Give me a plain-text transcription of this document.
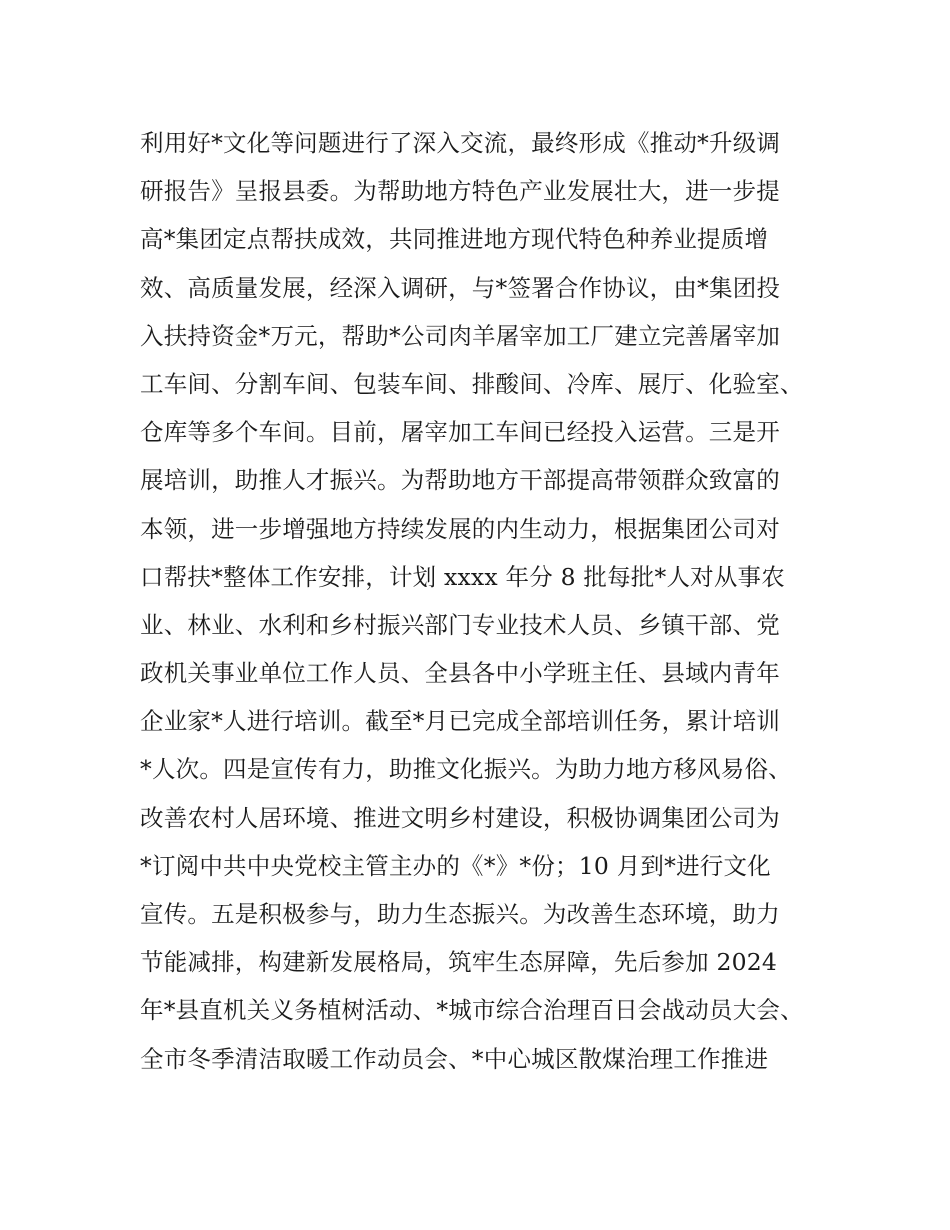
利用好*文化等问题进行了深入交流，最终形成《推动*升级调
研报告》呈报县委。为帮助地方特色产业发展壮大，进一步提
高*集团定点帮扶成效，共同推进地方现代特色种养业提质增
效、高质量发展，经深入调研，与*签署合作协议，由*集团投
入扶持资金*万元，帮助*公司肉羊屠宰加工厂建立完善屠宰加
工车间、分割车间、包装车间、排酸间、冷库、展厅、化验室、
仓库等多个车间。目前，屠宰加工车间已经投入运营。三是开
展培训，助推人才振兴。为帮助地方干部提高带领群众致富的
本领，进一步增强地方持续发展的内生动力，根据集团公司对
口帮扶*整体工作安排，计划 xxxx 年分 8 批每批*人对从事农
业、林业、水利和乡村振兴部门专业技术人员、乡镇干部、党
政机关事业单位工作人员、全县各中小学班主任、县域内青年
企业家*人进行培训。截至*月已完成全部培训任务，累计培训
*人次。四是宣传有力，助推文化振兴。为助力地方移风易俗、
改善农村人居环境、推进文明乡村建设，积极协调集团公司为
*订阅中共中央党校主管主办的《*》*份；10 月到*进行文化
宣传。五是积极参与，助力生态振兴。为改善生态环境，助力
节能减排，构建新发展格局，筑牢生态屏障，先后参加 2024
年*县直机关义务植树活动、*城市综合治理百日会战动员大会、
全市冬季清洁取暖工作动员会、*中心城区散煤治理工作推进
